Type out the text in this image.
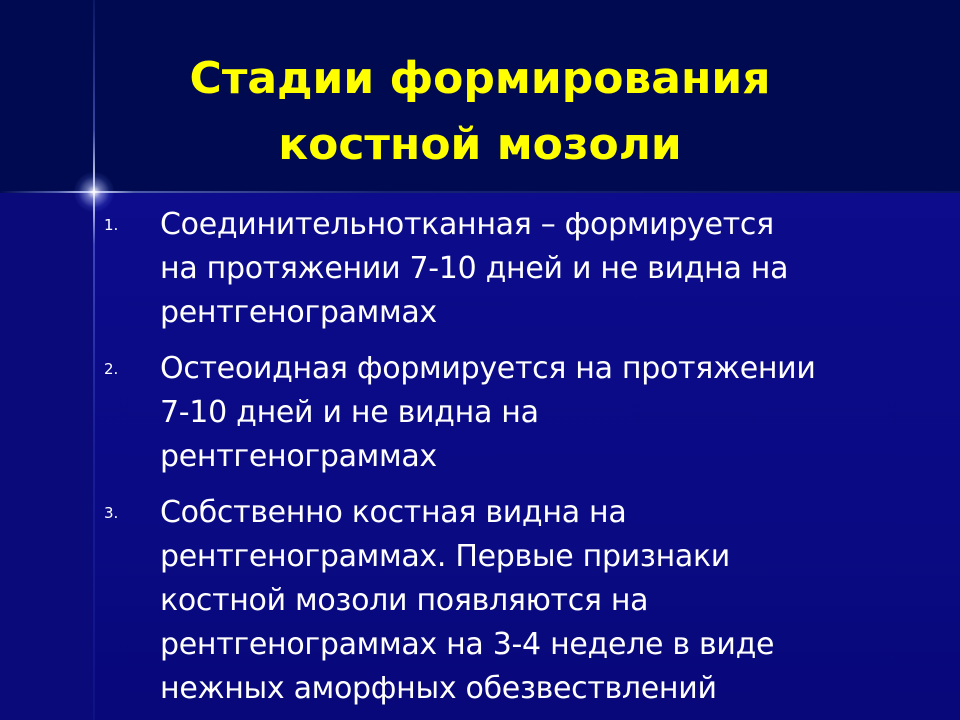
Стадии формирования
костной мозоли
1.	Соединительнотканная – формируется
на протяжении 7-10 дней и не видна на
рентгенограммах
2.	Остеоидная формируется на протяжении
7-10 дней и не видна на
рентгенограммах
3.	Собственно костная видна на
рентгенограммах. Первые признаки
костной мозоли появляются на
рентгенограммах на 3-4 неделе в виде
нежных аморфных обезвествлений
